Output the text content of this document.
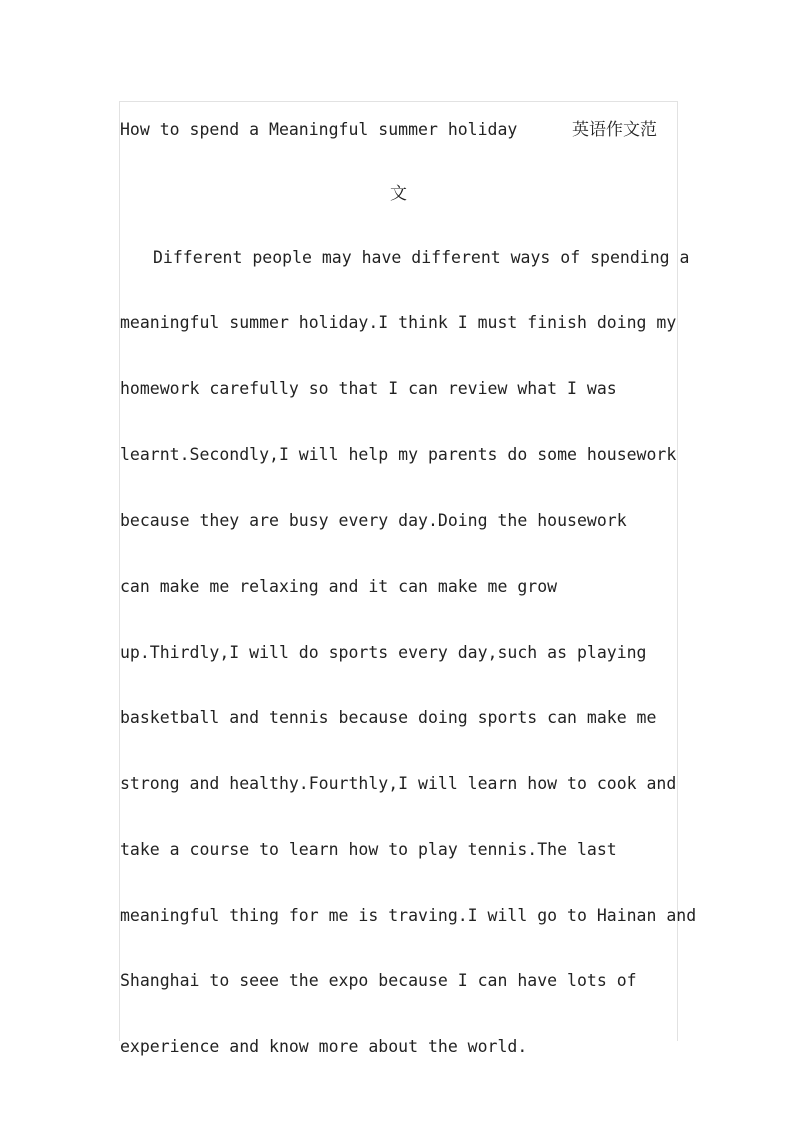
How to spend a Meaningful summer holiday	英语作文范
文
Different people may have different ways of spending a
meaningful summer holiday.I think I must finish doing my
homework carefully so that I can review what I was
learnt.Secondly,I will help my parents do some housework
because they are busy every day.Doing the housework
can make me relaxing and it can make me grow
up.Thirdly,I will do sports every day,such as playing
basketball and tennis because doing sports can make me
strong and healthy.Fourthly,I will learn how to cook and
take a course to learn how to play tennis.The last
meaningful thing for me is traving.I will go to Hainan and
Shanghai to seee the expo because I can have lots of
experience and know more about the world.
